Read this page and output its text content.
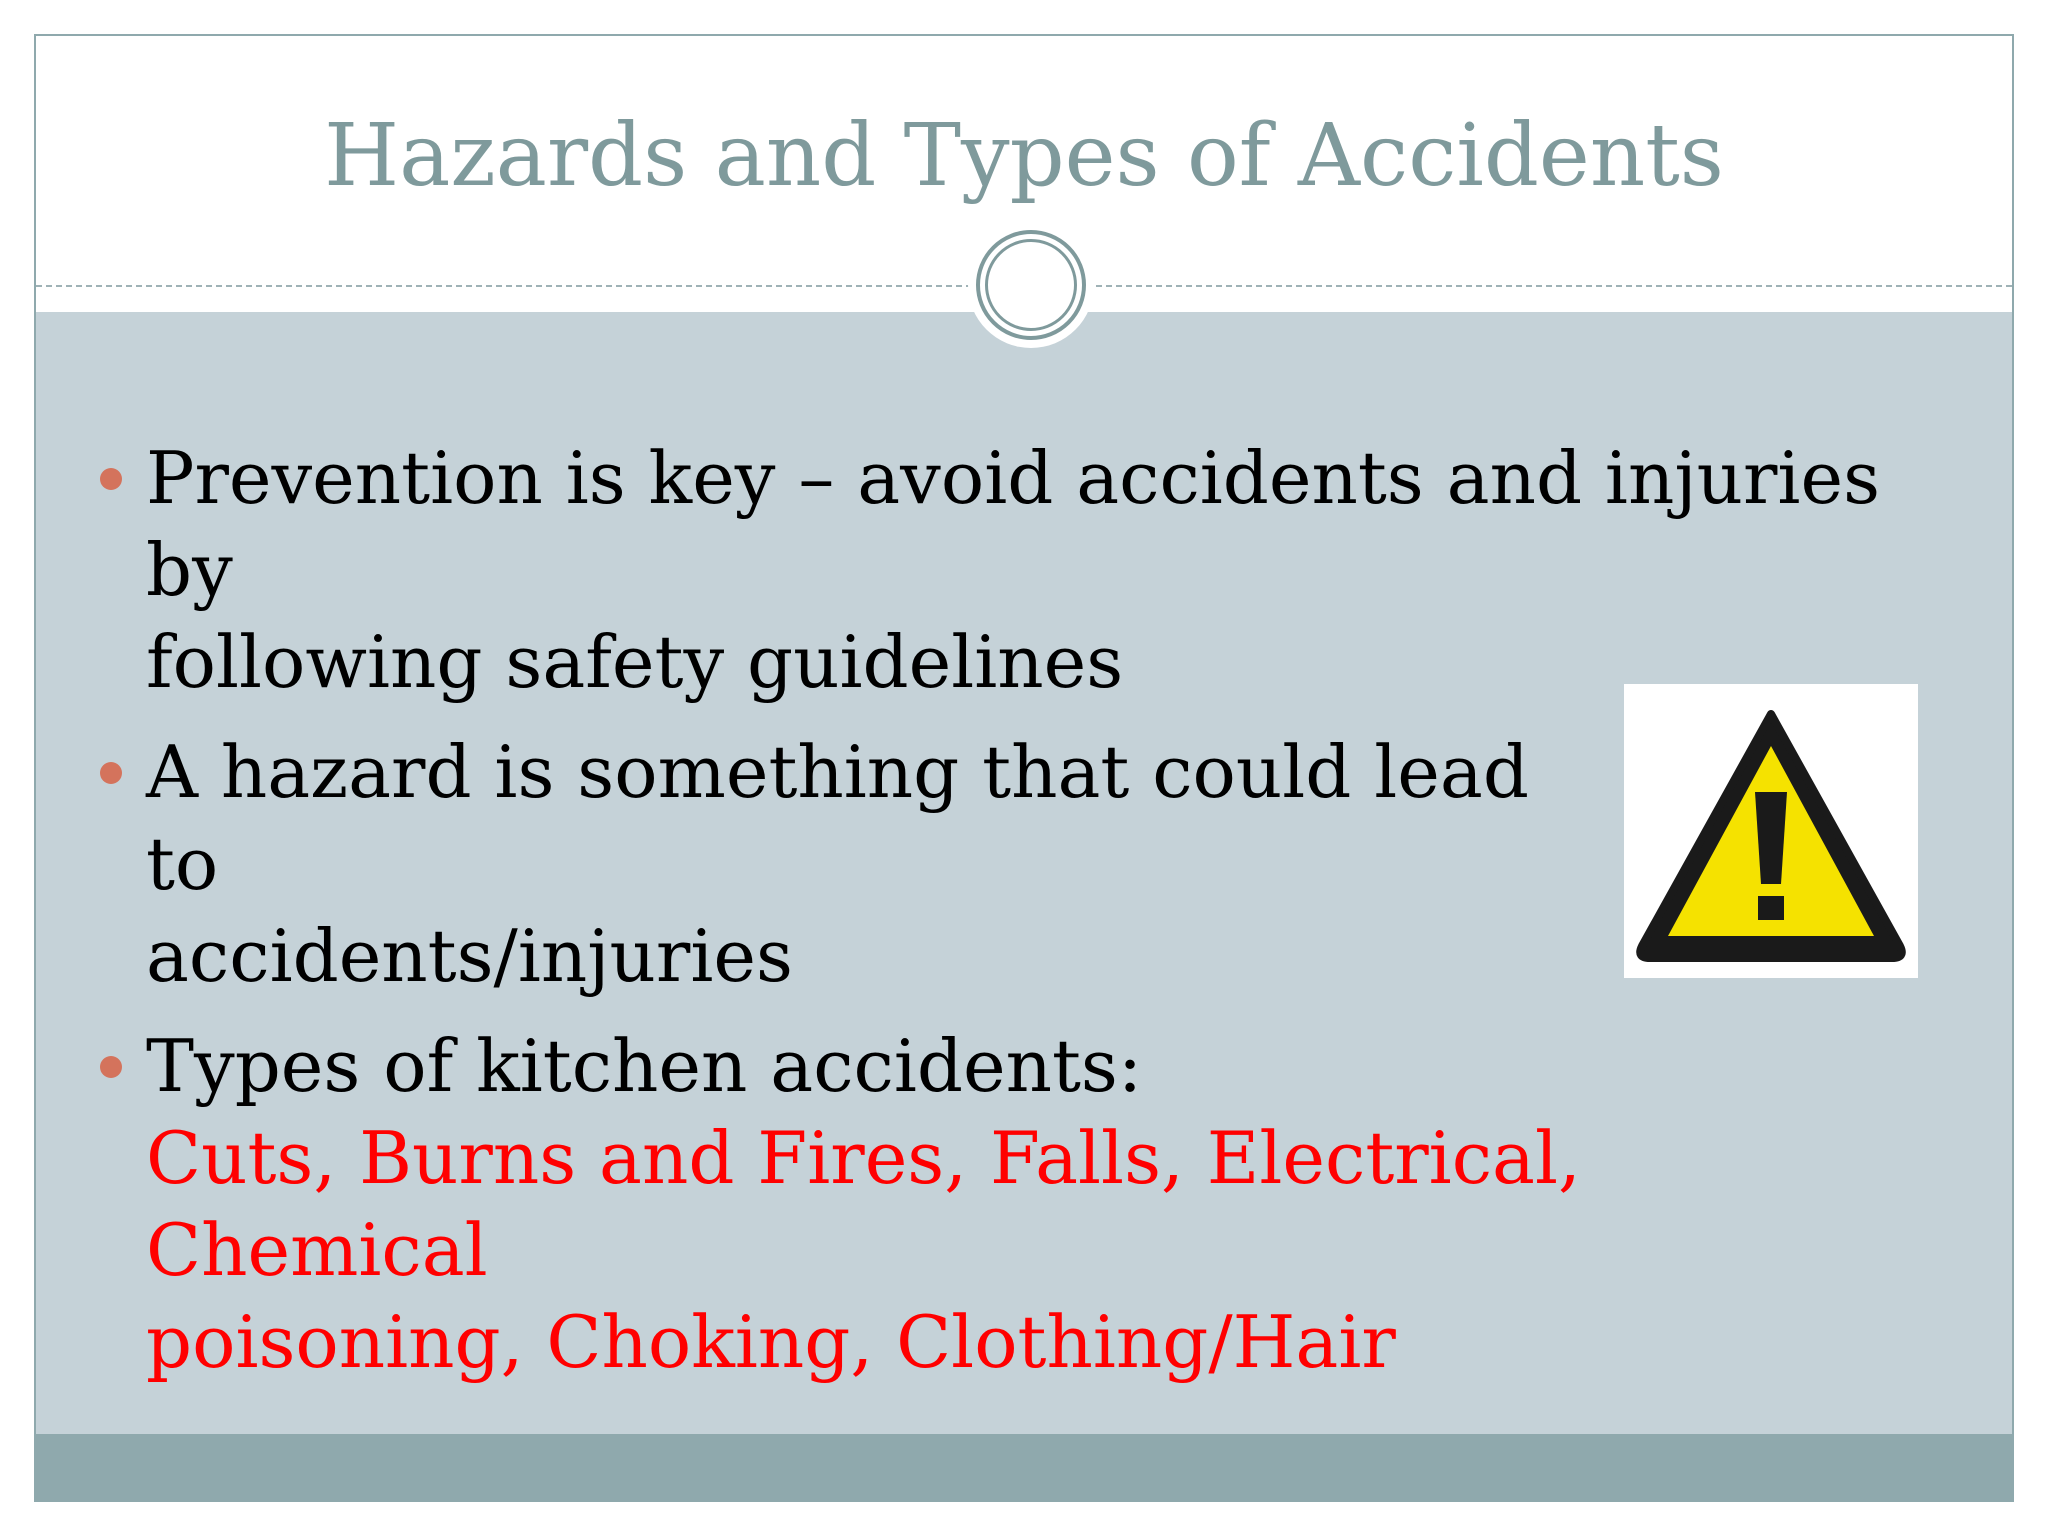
Hazards and Types of Accidents
Prevention is key – avoid accidents and injuries by
following safety guidelines
A hazard is something that could lead to
accidents/injuries
Types of kitchen accidents:
Cuts, Burns and Fires, Falls, Electrical, Chemical
poisoning, Choking, Clothing/Hair
